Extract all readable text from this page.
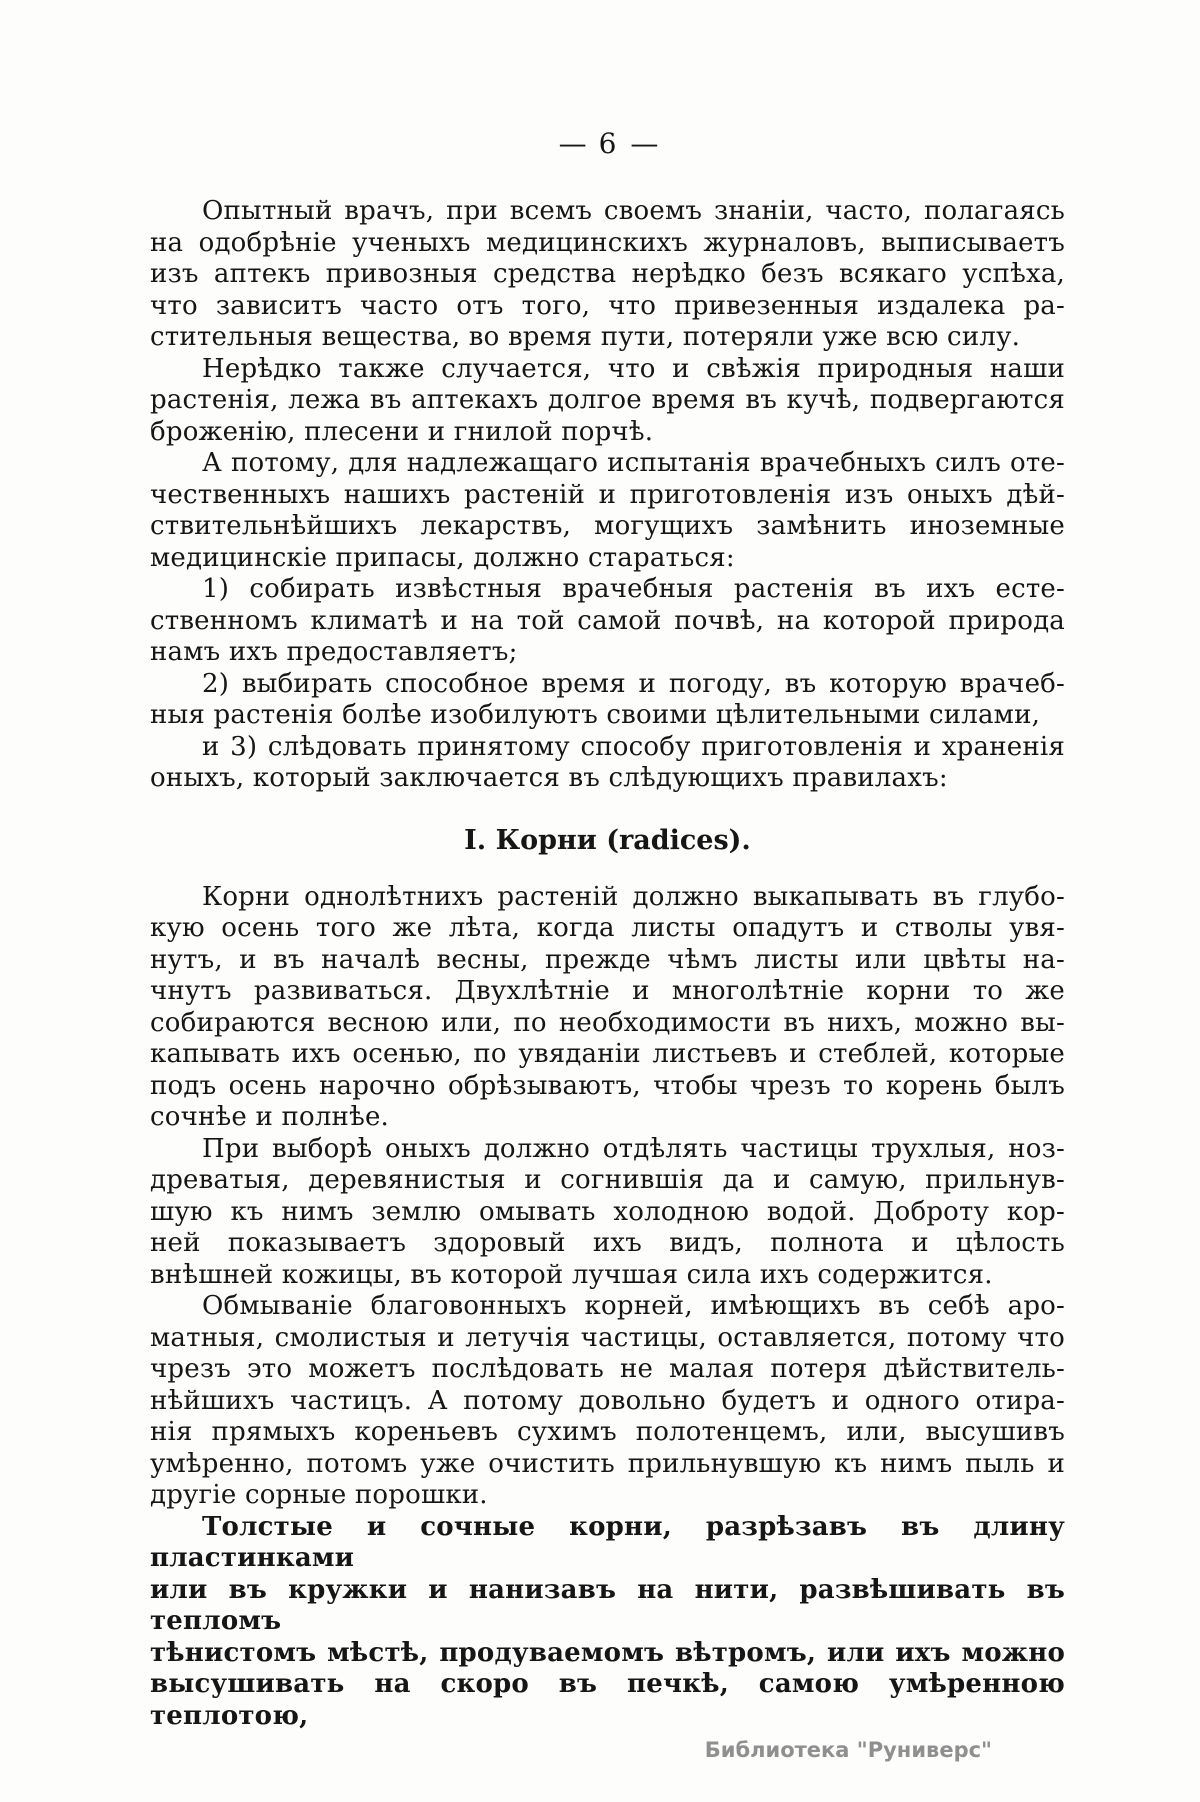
— 6 —
Опытный врачъ, при всемъ своемъ знаніи, часто, полагаясь
на одобрѣніе ученыхъ медицинскихъ журналовъ, выписываетъ
изъ аптекъ привозныя средства нерѣдко безъ всякаго успѣха,
что зависитъ часто отъ того, что привезенныя издалека ра-
стительныя вещества, во время пути, потеряли уже всю силу.
Нерѣдко также случается, что и свѣжія природныя наши
растенія, лежа въ аптекахъ долгое время въ кучѣ, подвергаются
броженію, плесени и гнилой порчѣ.
А потому, для надлежащаго испытанія врачебныхъ силъ оте-
чественныхъ нашихъ растеній и приготовленія изъ оныхъ дѣй-
ствительнѣйшихъ лекарствъ, могущихъ замѣнить иноземные
медицинскіе припасы, должно стараться:
1) собирать извѣстныя врачебныя растенія въ ихъ есте-
ственномъ климатѣ и на той самой почвѣ, на которой природа
намъ ихъ предоставляетъ;
2) выбирать способное время и погоду, въ которую врачеб-
ныя растенія болѣе изобилуютъ своими цѣлительными силами,
и 3) слѣдовать принятому способу приготовленія и храненія
оныхъ, который заключается въ слѣдующихъ правилахъ:
I. Корни (radices).
Корни однолѣтнихъ растеній должно выкапывать въ глубо-
кую осень того же лѣта, когда листы опадутъ и стволы увя-
нутъ, и въ началѣ весны, прежде чѣмъ листы или цвѣты на-
чнутъ развиваться. Двухлѣтніе и многолѣтніе корни то же
собираются весною или, по необходимости въ нихъ, можно вы-
капывать ихъ осенью, по увяданіи листьевъ и стеблей, которые
подъ осень нарочно обрѣзываютъ, чтобы чрезъ то корень былъ
сочнѣе и полнѣе.
При выборѣ оныхъ должно отдѣлять частицы трухлыя, ноз-
древатыя, деревянистыя и согнившія да и самую, прильнув-
шую къ нимъ землю омывать холодною водой. Доброту кор-
ней показываетъ здоровый ихъ видъ, полнота и цѣлость
внѣшней кожицы, въ которой лучшая сила ихъ содержится.
Обмываніе благовонныхъ корней, имѣющихъ въ себѣ аро-
матныя, смолистыя и летучія частицы, оставляется, потому что
чрезъ это можетъ послѣдовать не малая потеря дѣйствитель-
нѣйшихъ частицъ. А потому довольно будетъ и одного отира-
нія прямыхъ кореньевъ сухимъ полотенцемъ, или, высушивъ
умѣренно, потомъ уже очистить прильнувшую къ нимъ пыль и
другіе сорные порошки.
Толстые и сочные корни, разрѣзавъ въ длину пластинками
или въ кружки и нанизавъ на нити, развѣшивать въ тепломъ
тѣнистомъ мѣстѣ, продуваемомъ вѣтромъ, или ихъ можно
высушивать на скоро въ печкѣ, самою умѣренною теплотою,
Библиотека "Руниверс"
